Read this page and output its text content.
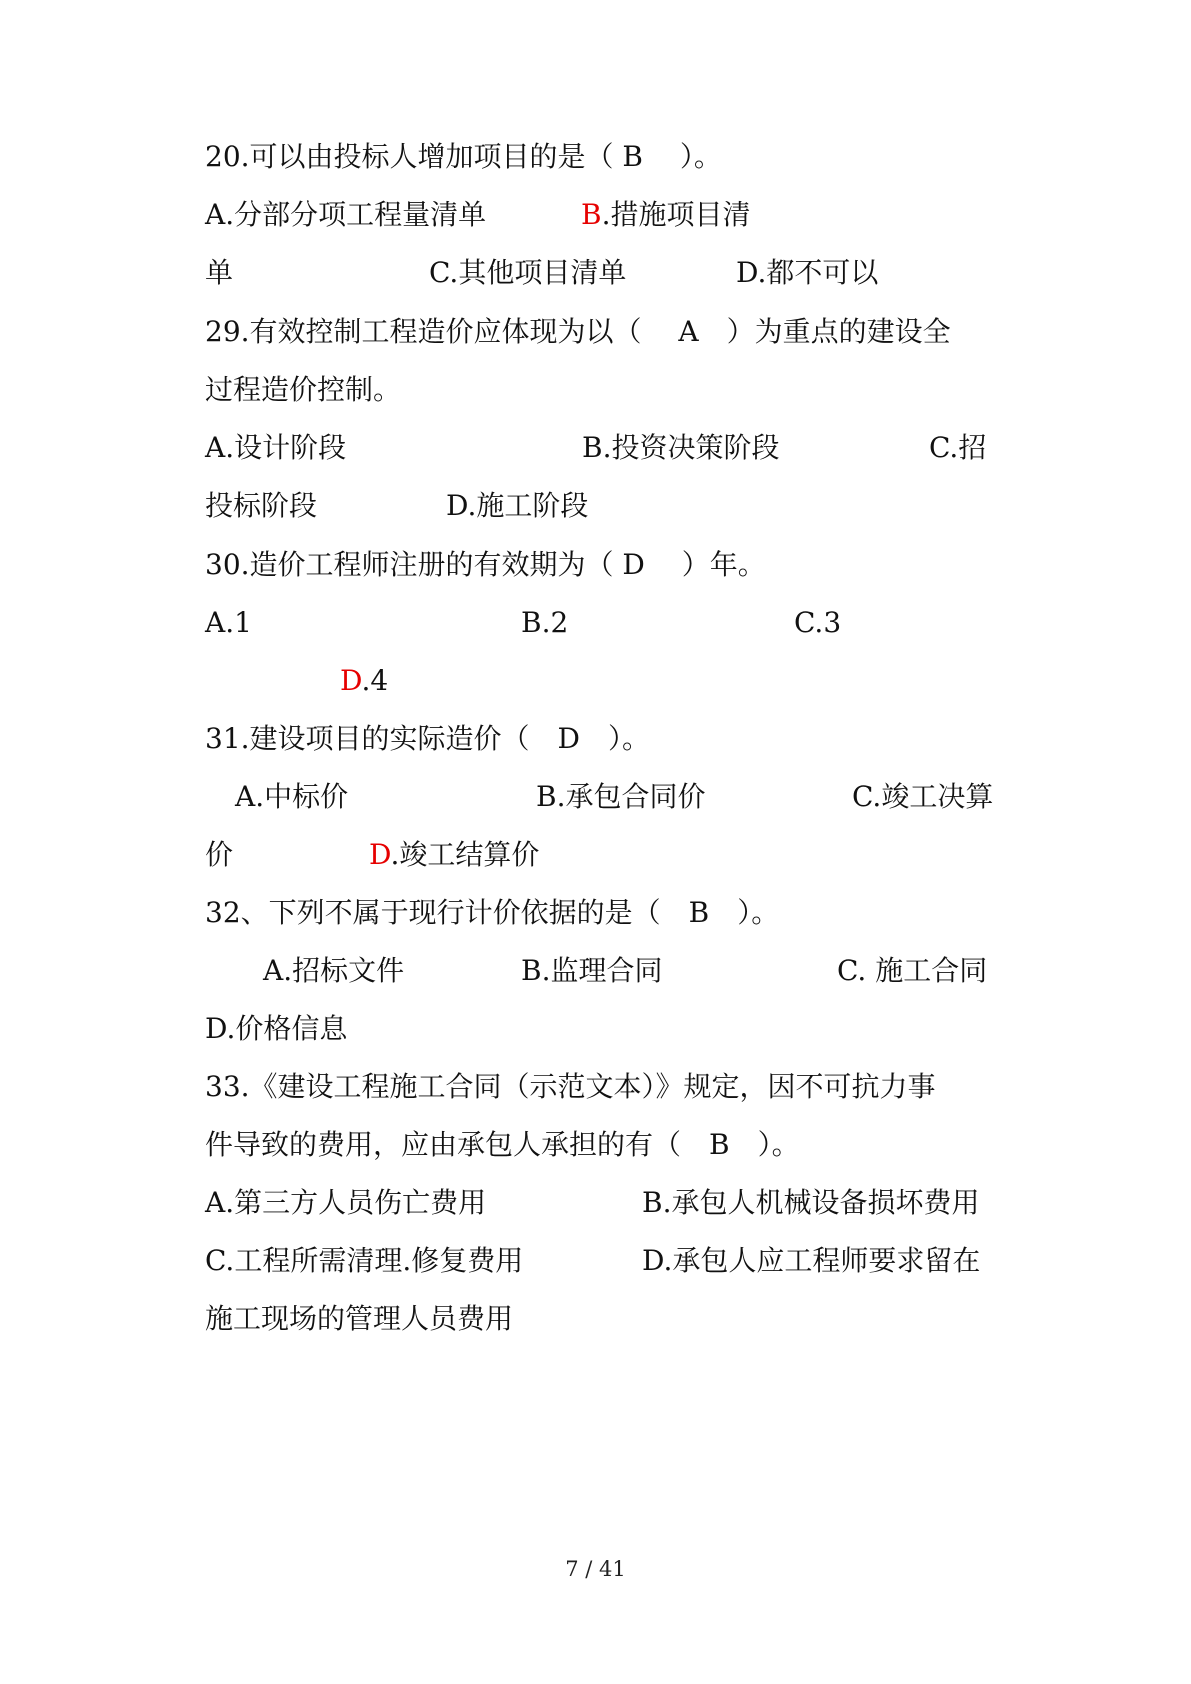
20.可以由投标人增加项目的是（ B　 ）。
A.分部分项工程量清单	B.措施项目清
单	C.其他项目清单	D.都不可以
29.有效控制工程造价应体现为以（　 A　）为重点的建设全
过程造价控制。
A.设计阶段	B.投资决策阶段	C.招
投标阶段	D.施工阶段
30.造价工程师注册的有效期为（ D　 ）年。
A.1	B.2	C.3
D.4
31.建设项目的实际造价（　D　）。
A.中标价	B.承包合同价	C.竣工决算
价	D.竣工结算价
32、下列不属于现行计价依据的是（　B　）。
A.招标文件	B.监理合同	C. 施工合同
D.价格信息
33.《建设工程施工合同（示范文本）》规定，因不可抗力事
件导致的费用，应由承包人承担的有（　B　）。
A.第三方人员伤亡费用	B.承包人机械设备损坏费用
C.工程所需清理.修复费用	D.承包人应工程师要求留在
施工现场的管理人员费用
7 / 41
